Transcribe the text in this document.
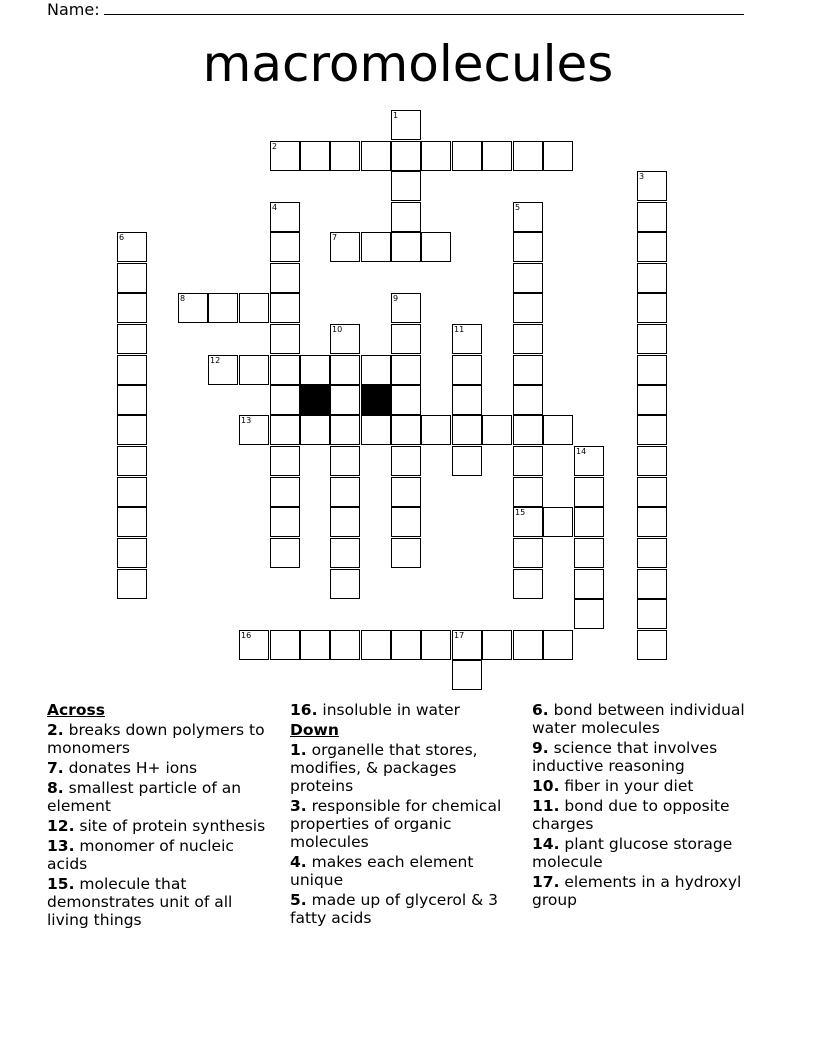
Name:
macromolecules
1
2
3
4	5
6	7
8	9
10	11
12
13
14
15
16	17
Across
2. breaks down polymers to monomers
7. donates H+ ions
8. smallest particle of an element
12. site of protein synthesis
13. monomer of nucleic acids
15. molecule that demonstrates unit of all living things
16. insoluble in water
Down
1. organelle that stores, modifies, & packages proteins
3. responsible for chemical properties of organic molecules
4. makes each element unique
5. made up of glycerol & 3 fatty acids
6. bond between individual water molecules
9. science that involves inductive reasoning
10. fiber in your diet
11. bond due to opposite charges
14. plant glucose storage molecule
17. elements in a hydroxyl group
